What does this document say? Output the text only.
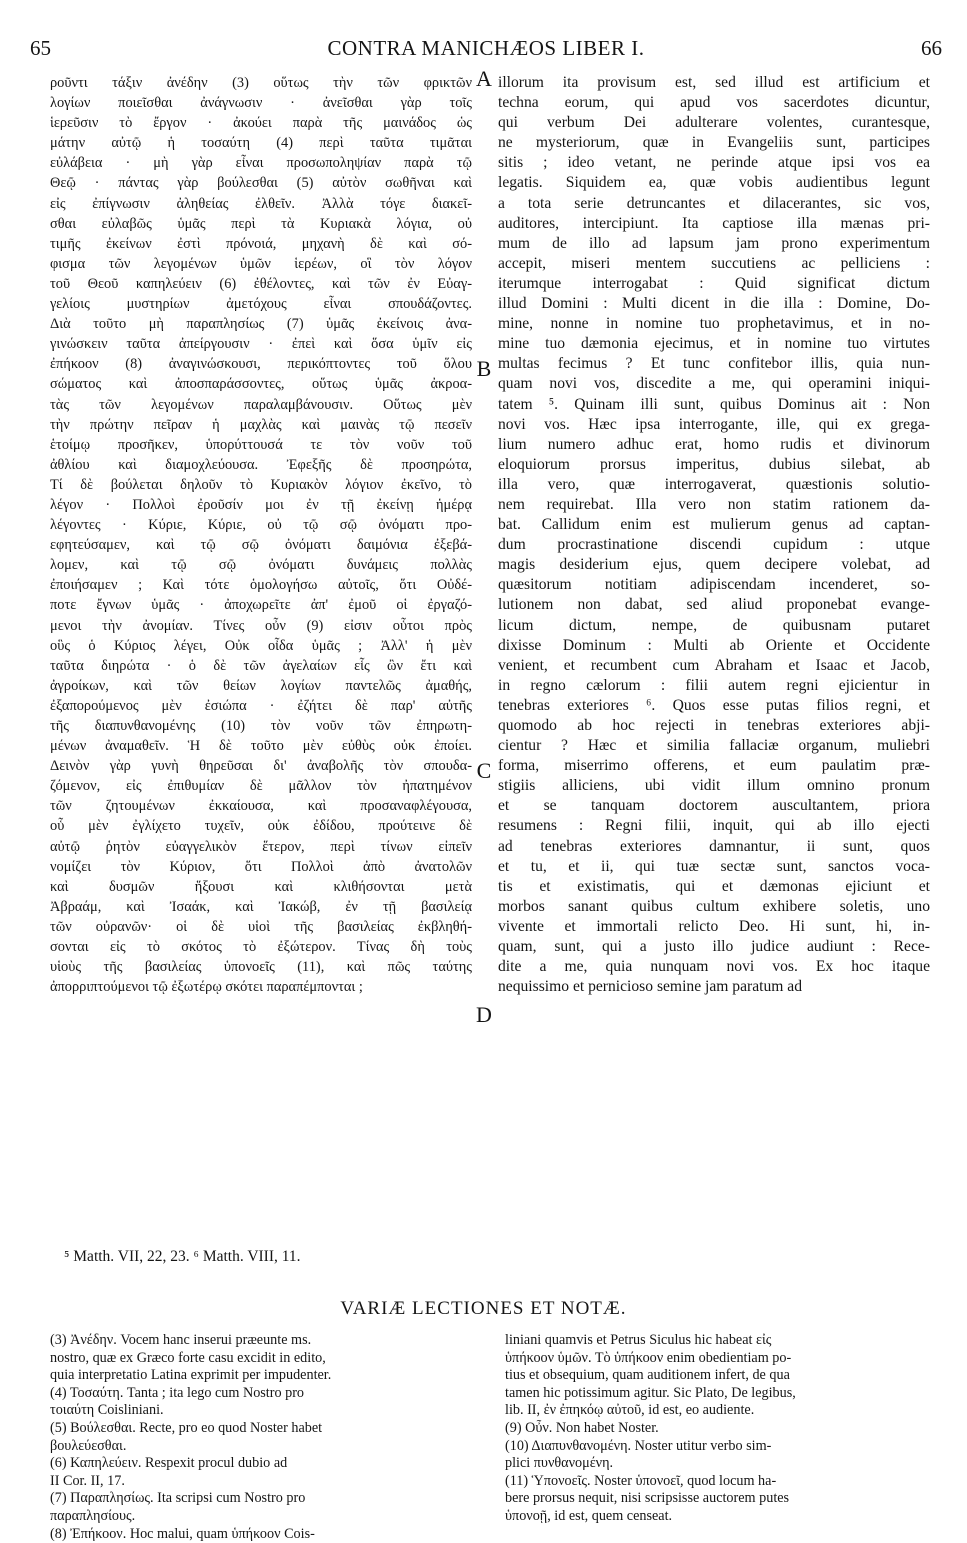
65	CONTRA MANICHÆOS LIBER I.	66
ροῦντι τάξιν ἀνέδην (3) οὕτως τὴν τῶν φρικτῶν
λογίων ποιεῖσθαι ἀνάγνωσιν · ἀνεῖσθαι γὰρ τοῖς
ἱερεῦσιν τὸ ἔργον · ἀκούει παρὰ τῆς μαινάδος ὡς
μάτην αὐτῷ ἡ τοσαύτη (4) περὶ ταῦτα τιμᾶται
εὐλάβεια · μὴ γὰρ εἶναι προσωποληψίαν παρὰ τῷ
Θεῷ · πάντας γὰρ βούλεσθαι (5) αὐτὸν σωθῆναι καὶ
εἰς ἐπίγνωσιν ἀληθείας ἐλθεῖν. Ἀλλὰ τόγε διακεῖ-
σθαι εὐλαβῶς ὑμᾶς περὶ τὰ Κυριακὰ λόγια, οὐ
τιμῆς ἐκείνων ἐστὶ πρόνοιά, μηχανὴ δὲ καὶ σό-
φισμα τῶν λεγομένων ὑμῶν ἱερέων, οἳ τὸν λόγον
τοῦ Θεοῦ καπηλεύειν (6) ἐθέλοντες, καὶ τῶν ἐν Εὐαγ-
γελίοις μυστηρίων ἀμετόχους εἶναι σπουδάζοντες.
Διὰ τοῦτο μὴ παραπλησίως (7) ὑμᾶς ἐκείνοις ἀνα-
γινώσκειν ταῦτα ἀπείργουσιν · ἐπεὶ καὶ ὅσα ὑμῖν εἰς
ἐπήκοον (8) ἀναγινώσκουσι, περικόπτοντες τοῦ ὅλου
σώματος καὶ ἀποσπαράσσοντες, οὕτως ὑμᾶς ἀκροα-
τὰς τῶν λεγομένων παραλαμβάνουσιν. Οὕτως μὲν
τὴν πρώτην πεῖραν ἡ μαχλὰς καὶ μαινὰς τῷ πεσεῖν
ἑτοίμῳ προσῆκεν, ὑπορύττουσά τε τὸν νοῦν τοῦ
ἀθλίου καὶ διαμοχλεύουσα. Ἐφεξῆς δὲ προσηρώτα,
Τί δὲ βούλεται δηλοῦν τὸ Κυριακὸν λόγιον ἐκεῖνο, τὸ
λέγον · Πολλοὶ ἐροῦσίν μοι ἐν τῇ ἐκείνῃ ἡμέρᾳ
λέγοντες · Κύριε, Κύριε, οὐ τῷ σῷ ὀνόματι προ-
εφητεύσαμεν, καὶ τῷ σῷ ὀνόματι δαιμόνια ἐξεβά-
λομεν, καὶ τῷ σῷ ὀνόματι δυνάμεις πολλὰς
ἐποιήσαμεν ; Καὶ τότε ὁμολογήσω αὐτοῖς, ὅτι Οὐδέ-
ποτε ἔγνων ὑμᾶς · ἀποχωρεῖτε ἀπ' ἐμοῦ οἱ ἐργαζό-
μενοι τὴν ἀνομίαν. Τίνες οὖν (9) εἰσιν οὗτοι πρὸς
οὓς ὁ Κύριος λέγει, Οὐκ οἶδα ὑμᾶς ; Ἀλλ' ἡ μὲν
ταῦτα διηρώτα · ὁ δὲ τῶν ἀγελαίων εἷς ὢν ἔτι καὶ
ἀγροίκων, καὶ τῶν θείων λογίων παντελῶς ἀμαθής,
ἐξαπορούμενος μὲν ἐσιώπα · ἐζήτει δὲ παρ' αὐτῆς
τῆς διαπυνθανομένης (10) τὸν νοῦν τῶν ἐπηρωτη-
μένων ἀναμαθεῖν. Ἡ δὲ τοῦτο μὲν εὐθὺς οὐκ ἐποίει.
Δεινὸν γὰρ γυνὴ θηρεῦσαι δι' ἀναβολῆς τὸν σπουδα-
ζόμενον, εἰς ἐπιθυμίαν δὲ μᾶλλον τὸν ἠπατημένον
τῶν ζητουμένων ἐκκαίουσα, καὶ προσαναφλέγουσα,
οὗ μὲν ἐγλίχετο τυχεῖν, οὐκ ἐδίδου, προύτεινε δὲ
αὐτῷ ῥητὸν εὐαγγελικὸν ἕτερον, περὶ τίνων εἰπεῖν
νομίζει τὸν Κύριον, ὅτι Πολλοὶ ἀπὸ ἀνατολῶν
καὶ δυσμῶν ἥξουσι καὶ κλιθήσονται μετὰ
Ἀβραάμ, καὶ Ἰσαάκ, καὶ Ἰακώβ, ἐν τῇ βασιλείᾳ
τῶν οὐρανῶν· οἱ δὲ υἱοὶ τῆς βασιλείας ἐκβληθή-
σονται εἰς τὸ σκότος τὸ ἐξώτερον. Τίνας δὴ τοὺς
υἱοὺς τῆς βασιλείας ὑπονοεῖς (11), καὶ πῶς ταύτης
ἀπορριπτούμενοι τῷ ἐξωτέρῳ σκότει παραπέμπονται ;
illorum ita provisum est, sed illud est artificium et
techna eorum, qui apud vos sacerdotes dicuntur,
qui verbum Dei adulterare volentes, curantesque,
ne mysteriorum, quæ in Evangeliis sunt, participes
sitis ; ideo vetant, ne perinde atque ipsi vos ea
legatis. Siquidem ea, quæ vobis audientibus legunt
a tota serie detruncantes et dilacerantes, sic vos,
auditores, intercipiunt. Ita captiose illa mænas pri-
mum de illo ad lapsum jam prono experimentum
accepit, miseri mentem succutiens ac pelliciens :
iterumque interrogabat : Quid significat dictum
illud Domini : Multi dicent in die illa : Domine, Do-
mine, nonne in nomine tuo prophetavimus, et in no-
mine tuo dæmonia ejecimus, et in nomine tuo virtutes
multas fecimus ? Et tunc confitebor illis, quia nun-
quam novi vos, discedite a me, qui operamini iniqui-
tatem ⁵. Quinam illi sunt, quibus Dominus ait : Non
novi vos. Hæc ipsa interrogante, ille, qui ex grega-
lium numero adhuc erat, homo rudis et divinorum
eloquiorum prorsus imperitus, dubius silebat, ab
illa vero, quæ interrogaverat, quæstionis solutio-
nem requirebat. Illa vero non statim rationem da-
bat. Callidum enim est mulierum genus ad captan-
dum procrastinatione discendi cupidum : utque
magis desiderium ejus, quem decipere volebat, ad
quæsitorum notitiam adipiscendam incenderet, so-
lutionem non dabat, sed aliud proponebat evange-
licum dictum, nempe, de quibusnam putaret
dixisse Dominum : Multi ab Oriente et Occidente
venient, et recumbent cum Abraham et Isaac et Jacob,
in regno cælorum : filii autem regni ejicientur in
tenebras exteriores ⁶. Quos esse putas filios regni, et
quomodo ab hoc rejecti in tenebras exteriores abji-
cientur ? Hæc et similia fallaciæ organum, muliebri
forma, miserrimo offerens, et eum paulatim præ-
stigiis alliciens, ubi vidit illum omnino pronum
et se tanquam doctorem auscultantem, priora
resumens : Regni filii, inquit, qui ab illo ejecti
ad tenebras exteriores damnantur, ii sunt, quos
et tu, et ii, qui tuæ sectæ sunt, sanctos voca-
tis et existimatis, qui et dæmonas ejiciunt et
morbos sanant quibus cultum exhibere soletis, uno
vivente et immortali relicto Deo. Hi sunt, hi, in-
quam, sunt, qui a justo illo judice audiunt : Rece-
dite a me, quia nunquam novi vos. Ex hoc itaque
nequissimo et pernicioso semine jam paratum ad
A
B
C
D
⁵ Matth. VII, 22, 23. ⁶ Matth. VIII, 11.
VARIÆ LECTIONES ET NOTÆ.
(3) Ἀνέδην. Vocem hanc inserui præeunte ms.
nostro, quæ ex Græco forte casu excidit in edito,
quia interpretatio Latina exprimit per impudenter.
(4) Τοσαύτη. Tanta ; ita lego cum Nostro pro
τοιαύτη Coisliniani.
(5) Βούλεσθαι. Recte, pro eo quod Noster habet
βουλεύεσθαι.
(6) Καπηλεύειν. Respexit procul dubio ad
II Cor. II, 17.
(7) Παραπλησίως. Ita scripsi cum Nostro pro
παραπλησίους.
(8) Ἐπήκοον. Hoc malui, quam ὑπήκοον Cois-
liniani quamvis et Petrus Siculus hic habeat εἰς
ὑπήκοον ὑμῶν. Τὸ ὑπήκοον enim obedientiam po-
tius et obsequium, quam auditionem infert, de qua
tamen hic potissimum agitur. Sic Plato, De legibus,
lib. II, ἐν ἐπηκόῳ αὐτοῦ, id est, eo audiente.
(9) Οὖν. Non habet Noster.
(10) Διαπυνθανομένη. Noster utitur verbo sim-
plici πυνθανομένη.
(11) Ὑπονοεῖς. Noster ὑπονοεῖ, quod locum ha-
bere prorsus nequit, nisi scripsisse auctorem putes
ὑπονοῇ, id est, quem censeat.
